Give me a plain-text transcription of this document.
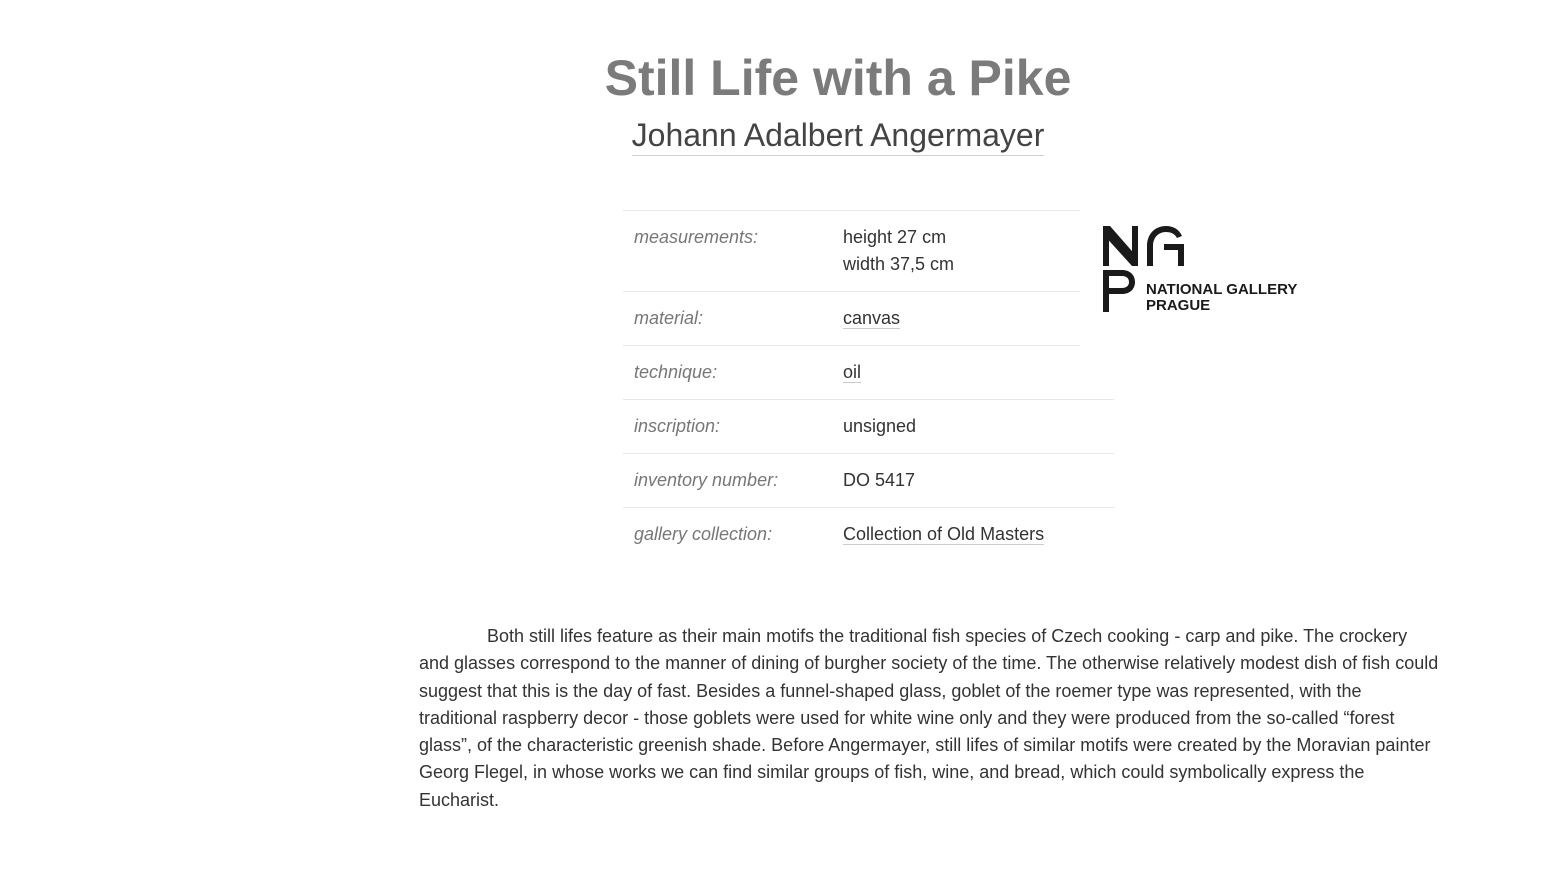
Still Life with a Pike
Johann Adalbert Angermayer
measurements:	height 27 cm
width 37,5 cm
material:	canvas
technique:	oil
inscription:	unsigned
inventory number:	DO 5417
gallery collection:	Collection of Old Masters
NATIONAL GALLERY
PRAGUE

Both still lifes feature as their main motifs the traditional fish species of Czech cooking - carp and pike. The crockery and glasses correspond to the manner of dining of burgher society of the time. The otherwise relatively modest dish of fish could suggest that this is the day of fast. Besides a funnel-shaped glass, goblet of the roemer type was represented, with the traditional raspberry decor - those goblets were used for white wine only and they were produced from the so-called “forest glass”, of the characteristic greenish shade. Before Angermayer, still lifes of similar motifs were created by the Moravian painter Georg Flegel, in whose works we can find similar groups of fish, wine, and bread, which could symbolically express the Eucharist.
